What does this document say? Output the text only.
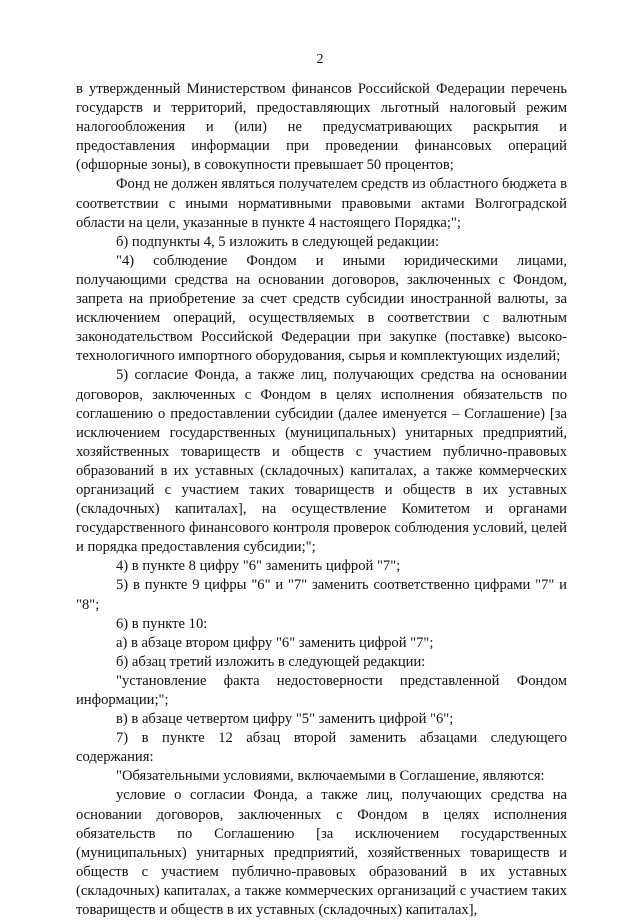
2

в утвержденный Министерством финансов Российской Федерации перечень государств и территорий, предоставляющих льготный налоговый режим налогообложения и (или) не предусматривающих раскрытия и предоставления информации при проведении финансовых операций (офшорные зоны), в совокупности превышает 50 процентов;

Фонд не должен являться получателем средств из областного бюджета в соответствии с иными нормативными правовыми актами Волгоградской области на цели, указанные в пункте 4 настоящего Порядка;";

б) подпункты 4, 5 изложить в следующей редакции:

"4) соблюдение Фондом и иными юридическими лицами, получающими средства на основании договоров, заключенных с Фондом, запрета на приобретение за счет средств субсидии иностранной валюты, за исключением операций, осуществляемых в соответствии с валютным законодательством Российской Федерации при закупке (поставке) высокотехнологичного импортного оборудования, сырья и комплектующих изделий;

5) согласие Фонда, а также лиц, получающих средства на основании договоров, заключенных с Фондом в целях исполнения обязательств по соглашению о предоставлении субсидии (далее именуется – Соглашение) [за исключением государственных (муниципальных) унитарных предприятий, хозяйственных товариществ и обществ с участием публично-правовых образований в их уставных (складочных) капиталах, а также коммерческих организаций с участием таких товариществ и обществ в их уставных (складочных) капиталах], на осуществление Комитетом и органами государственного финансового контроля проверок соблюдения условий, целей и порядка предоставления субсидии;";

4) в пункте 8 цифру "6" заменить цифрой "7";

5) в пункте 9 цифры "6" и "7" заменить соответственно цифрами "7" и "8";

6) в пункте 10:

а) в абзаце втором цифру "6" заменить цифрой "7";

б) абзац третий изложить в следующей редакции:

"установление факта недостоверности представленной Фондом информации;";

в) в абзаце четвертом цифру "5" заменить цифрой "6";

7) в пункте 12 абзац второй заменить абзацами следующего содержания:

"Обязательными условиями, включаемыми в Соглашение, являются:

условие о согласии Фонда, а также лиц, получающих средства на основании договоров, заключенных с Фондом в целях исполнения обязательств по Соглашению [за исключением государственных (муниципальных) унитарных предприятий, хозяйственных товариществ и обществ с участием публично-правовых образований в их уставных (складочных) капиталах, а также коммерческих организаций с участием таких товариществ и обществ в их уставных (складочных) капиталах],
